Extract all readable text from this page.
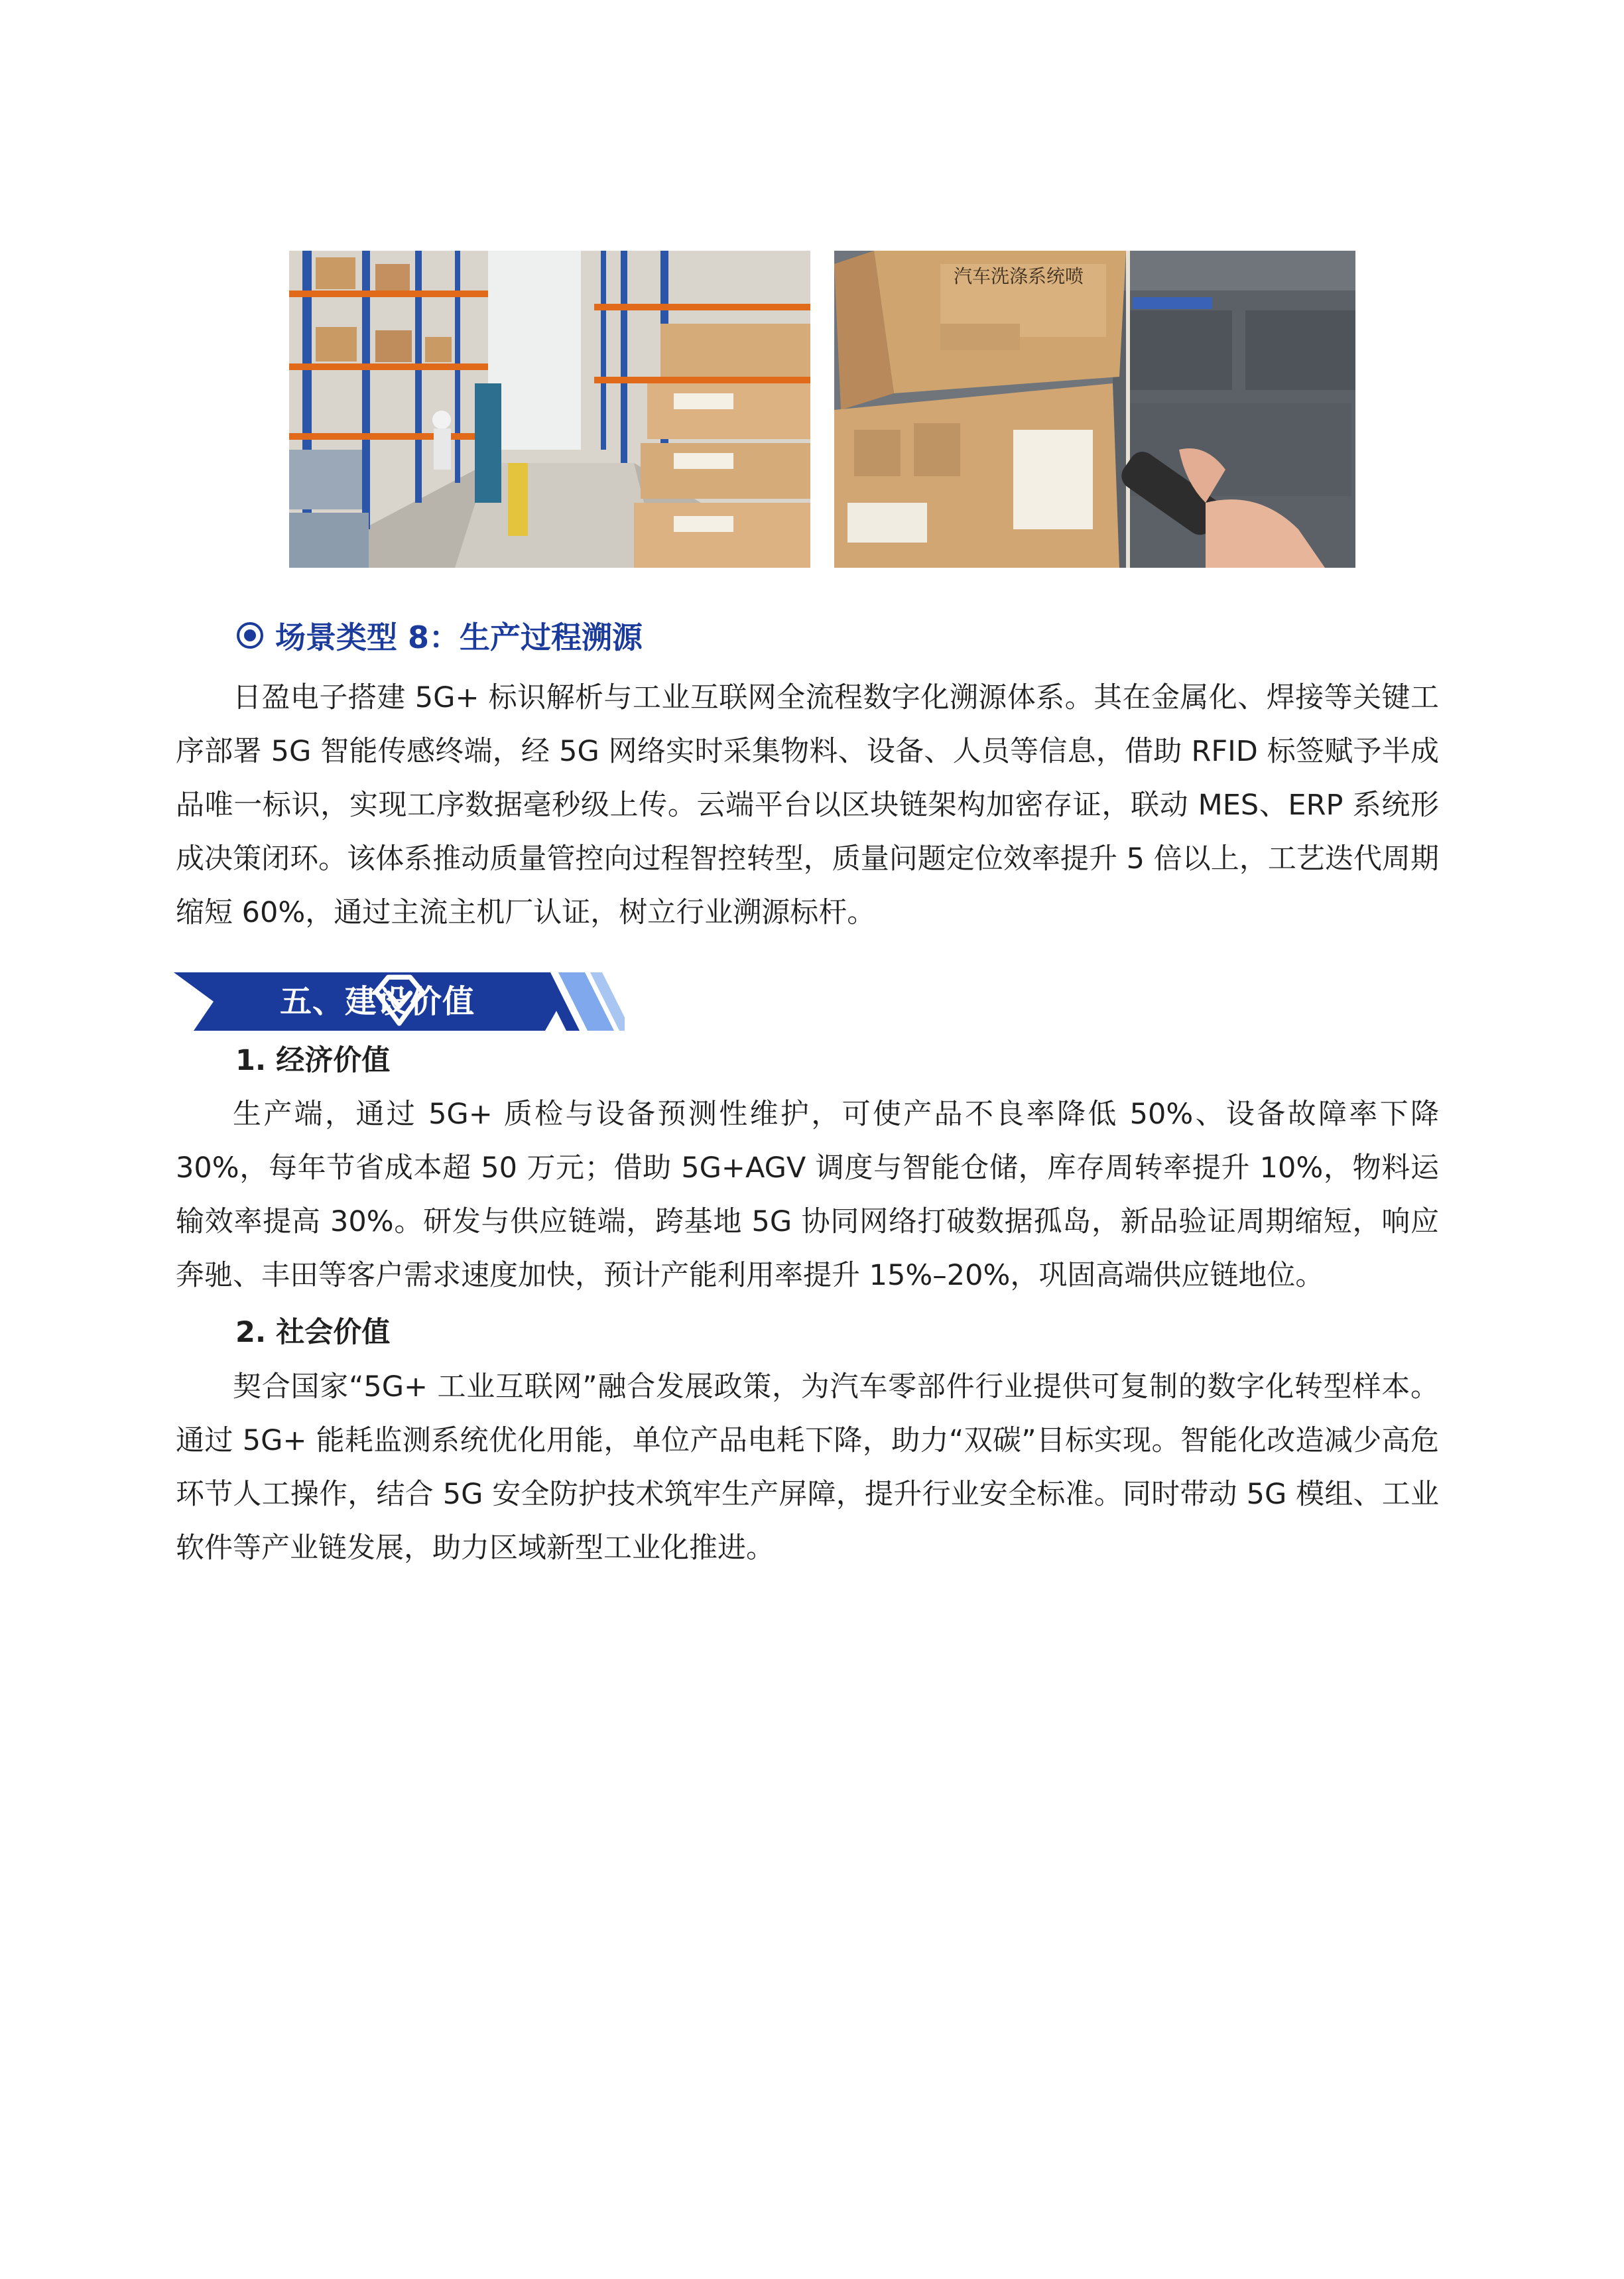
汽车洗涤系统喷
场景类型 8：生产过程溯源

日盈电子搭建 5G+ 标识解析与工业互联网全流程数字化溯源体系。其在金属化、焊接等关键工序部署 5G 智能传感终端，经 5G 网络实时采集物料、设备、人员等信息，借助 RFID 标签赋予半成品唯一标识，实现工序数据毫秒级上传。云端平台以区块链架构加密存证，联动 MES、ERP 系统形成决策闭环。该体系推动质量管控向过程智控转型，质量问题定位效率提升 5 倍以上，工艺迭代周期缩短 60%，通过主流主机厂认证，树立行业溯源标杆。

五、建设价值
1. 经济价值

生产端，通过 5G+ 质检与设备预测性维护，可使产品不良率降低 50%、设备故障率下降 30%，每年节省成本超 50 万元；借助 5G+AGV 调度与智能仓储，库存周转率提升 10%，物料运输效率提高 30%。研发与供应链端，跨基地 5G 协同网络打破数据孤岛，新品验证周期缩短，响应奔驰、丰田等客户需求速度加快，预计产能利用率提升 15%–20%，巩固高端供应链地位。

2. 社会价值

契合国家“5G+ 工业互联网”融合发展政策，为汽车零部件行业提供可复制的数字化转型样本。通过 5G+ 能耗监测系统优化用能，单位产品电耗下降，助力“双碳”目标实现。智能化改造减少高危环节人工操作，结合 5G 安全防护技术筑牢生产屏障，提升行业安全标准。同时带动 5G 模组、工业软件等产业链发展，助力区域新型工业化推进。
